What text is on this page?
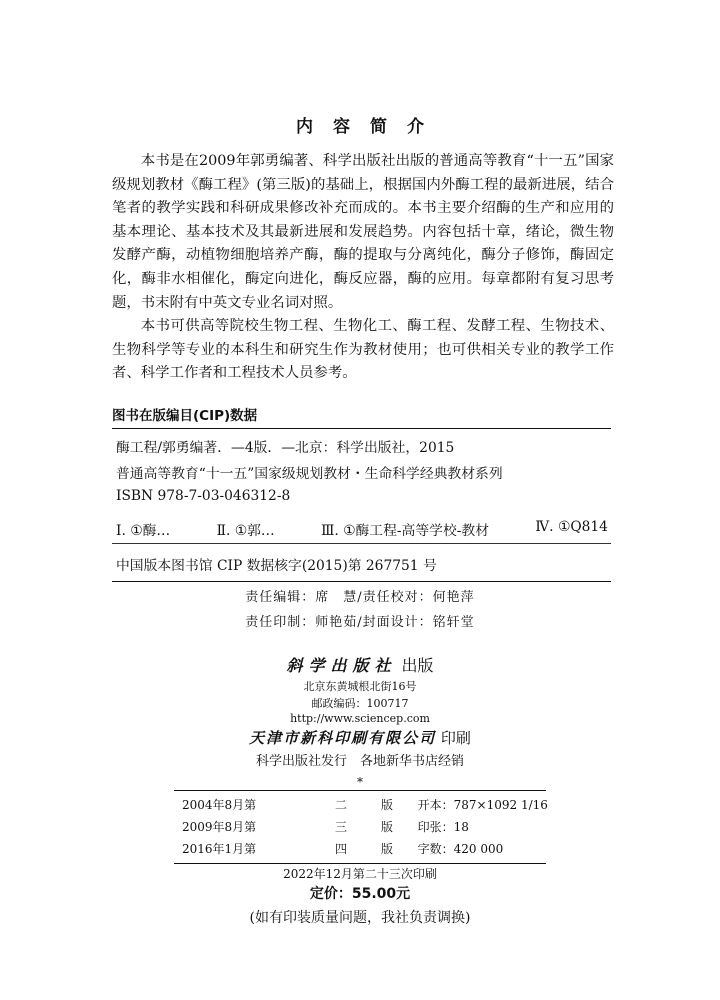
内容简介

本书是在2009年郭勇编著、科学出版社出版的普通高等教育“十一五”国家级规划教材《酶工程》(第三版)的基础上，根据国内外酶工程的最新进展，结合笔者的教学实践和科研成果修改补充而成的。本书主要介绍酶的生产和应用的基本理论、基本技术及其最新进展和发展趋势。内容包括十章，绪论，微生物发酵产酶，动植物细胞培养产酶，酶的提取与分离纯化，酶分子修饰，酶固定化，酶非水相催化，酶定向进化，酶反应器，酶的应用。每章都附有复习思考题，书末附有中英文专业名词对照。

本书可供高等院校生物工程、生物化工、酶工程、发酵工程、生物技术、生物科学等专业的本科生和研究生作为教材使用；也可供相关专业的教学工作者、科学工作者和工程技术人员参考。

图书在版编目(CIP)数据
酶工程/郭勇编著．—4版．—北京：科学出版社，2015
普通高等教育“十一五”国家级规划教材・生命科学经典教材系列
ISBN 978-7-03-046312-8
Ⅰ. ①酶…	Ⅱ. ①郭…	Ⅲ. ①酶工程-高等学校-教材	Ⅳ. ①Q814
中国版本图书馆 CIP 数据核字(2015)第 267751 号
责任编辑：席　慧/责任校对：何艳萍
责任印制：师艳茹/封面设计：铭轩堂
斜学出版社 出版
北京东黄城根北街16号
邮政编码：100717
http://www.sciencep.com
天津市新科印刷有限公司 印刷
科学出版社发行　各地新华书店经销
*
2004年8月第	二	版 开本：787×1092 1/16
2009年8月第	三	版 印张：18
2016年1月第	四	版 字数：420 000
2022年12月第二十三次印刷
定价：55.00元
(如有印装质量问题，我社负责调换)
